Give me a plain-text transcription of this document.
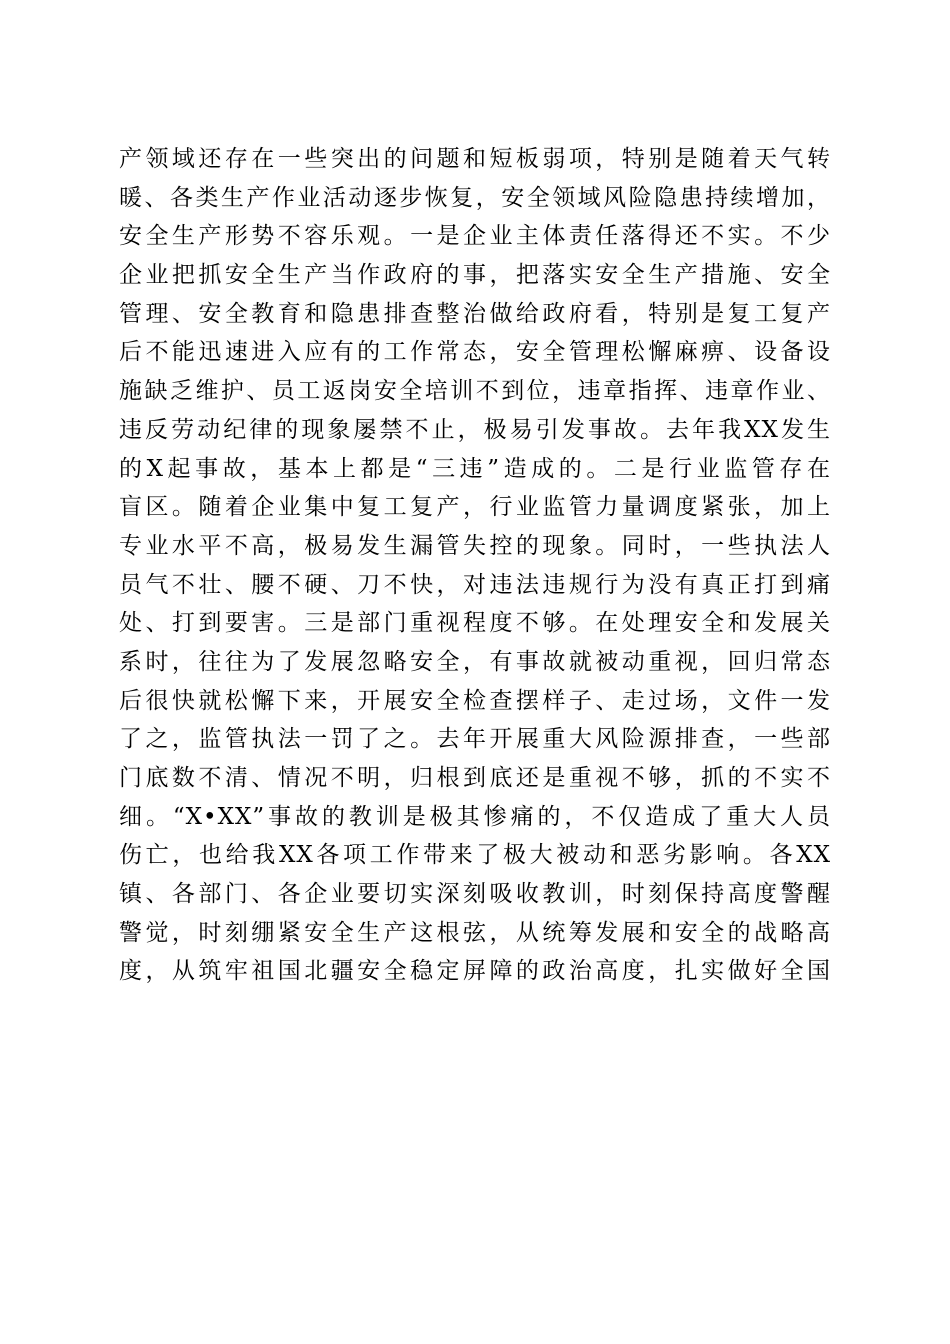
产领域还存在一些突出的问题和短板弱项，特别是随着天气转
暖、各类生产作业活动逐步恢复，安全领域风险隐患持续增加，
安全生产形势不容乐观。一是企业主体责任落得还不实。不少
企业把抓安全生产当作政府的事，把落实安全生产措施、安全
管理、安全教育和隐患排查整治做给政府看，特别是复工复产
后不能迅速进入应有的工作常态，安全管理松懈麻痹、设备设
施缺乏维护、员工返岗安全培训不到位，违章指挥、违章作业、
违反劳动纪律的现象屡禁不止，极易引发事故。去年我XX发生
的X起事故，基本上都是“三违”造成的。二是行业监管存在
盲区。随着企业集中复工复产，行业监管力量调度紧张，加上
专业水平不高，极易发生漏管失控的现象。同时，一些执法人
员气不壮、腰不硬、刀不快，对违法违规行为没有真正打到痛
处、打到要害。三是部门重视程度不够。在处理安全和发展关
系时，往往为了发展忽略安全，有事故就被动重视，回归常态
后很快就松懈下来，开展安全检查摆样子、走过场，文件一发
了之，监管执法一罚了之。去年开展重大风险源排查，一些部
门底数不清、情况不明，归根到底还是重视不够，抓的不实不
细。“X•XX”事故的教训是极其惨痛的，不仅造成了重大人员
伤亡，也给我XX各项工作带来了极大被动和恶劣影响。各XX
镇、各部门、各企业要切实深刻吸收教训，时刻保持高度警醒
警觉，时刻绷紧安全生产这根弦，从统筹发展和安全的战略高
度，从筑牢祖国北疆安全稳定屏障的政治高度，扎实做好全国
